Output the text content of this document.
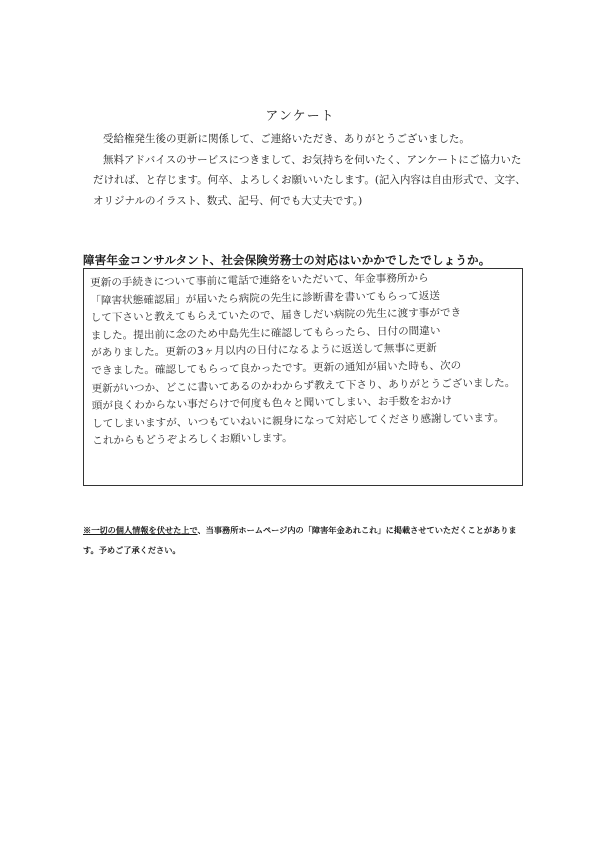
アンケート

受給権発生後の更新に関係して、ご連絡いただき、ありがとうございました。

無料アドバイスのサービスにつきまして、お気持ちを伺いたく、アンケートにご協力いた

だければ、と存じます。何卒、よろしくお願いいたします。(記入内容は自由形式で、文字、

オリジナルのイラスト、数式、記号、何でも大丈夫です。)

障害年金コンサルタント、社会保険労務士の対応はいかかでしたでしょうか。
更新の手続きについて事前に電話で連絡をいただいて、年金事務所から
「障害状態確認届」が届いたら病院の先生に診断書を書いてもらって返送
して下さいと教えてもらえていたので、届きしだい病院の先生に渡す事ができ
ました。提出前に念のため中島先生に確認してもらったら、日付の間違い
がありました。更新の3ヶ月以内の日付になるように返送して無事に更新
できました。確認してもらって良かったです。更新の通知が届いた時も、次の
更新がいつか、どこに書いてあるのかわからず教えて下さり、ありがとうございました。
頭が良くわからない事だらけで何度も色々と聞いてしまい、お手数をおかけ
してしまいますが、いつもていねいに親身になって対応してくださり感謝しています。
これからもどうぞよろしくお願いします。

※一切の個人情報を伏せた上で、当事務所ホームページ内の「障害年金あれこれ」に掲載させていただくことがありま

す。予めご了承ください。
